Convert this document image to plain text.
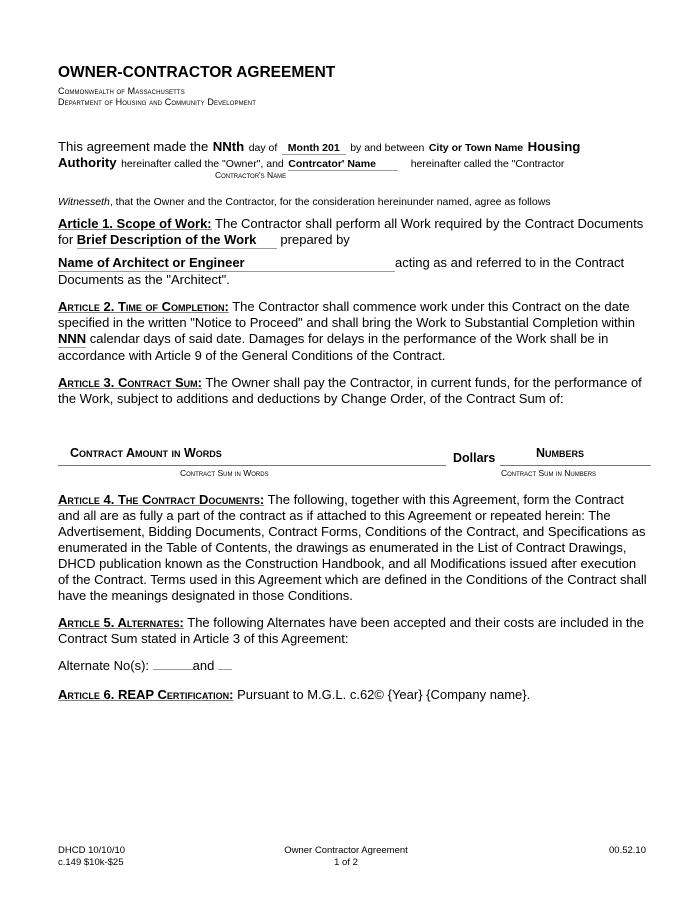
OWNER-CONTRACTOR AGREEMENT
Commonwealth of Massachusetts
Department of Housing and Community Development
This agreement made the NNth day of Month 201 by and between City or Town Name Housing
Authority hereinafter called the "Owner", and Contrcator' Name	hereinafter called the "Contractor
Contractor's Name
Witnesseth, that the Owner and the Contractor, for the consideration hereinunder named, agree as follows
Article 1. Scope of Work: The Contractor shall perform all Work required by the Contract Documents for Brief Description of the Work prepared by
Name of Architect or Engineer	acting as and referred to in the Contract Documents as the "Architect".
Article 2. Time of Completion: The Contractor shall commence work under this Contract on the date specified in the written "Notice to Proceed" and shall bring the Work to Substantial Completion within NNN calendar days of said date. Damages for delays in the performance of the Work shall be in accordance with Article 9 of the General Conditions of the Contract.
Article 3. Contract Sum: The Owner shall pay the Contractor, in current funds, for the performance of the Work, subject to additions and deductions by Change Order, of the Contract Sum of:
Contract Amount in Words	Dollars	Numbers
Contract Sum in Words	Contract Sum in Numbers
Article 4. The Contract Documents: The following, together with this Agreement, form the Contract and all are as fully a part of the contract as if attached to this Agreement or repeated herein: The Advertisement, Bidding Documents, Contract Forms, Conditions of the Contract, and Specifications as enumerated in the Table of Contents, the drawings as enumerated in the List of Contract Drawings, DHCD publication known as the Construction Handbook, and all Modifications issued after execution of the Contract. Terms used in this Agreement which are defined in the Conditions of the Contract shall have the meanings designated in those Conditions.
Article 5. Alternates: The following Alternates have been accepted and their costs are included in the Contract Sum stated in Article 3 of this Agreement:
Alternate No(s):	and
Article 6. REAP Certification: Pursuant to M.G.L. c.62© {Year} {Company name}.
DHCD 10/10/10
c.149 $10k-$25
Owner Contractor Agreement
1 of 2
00.52.10
